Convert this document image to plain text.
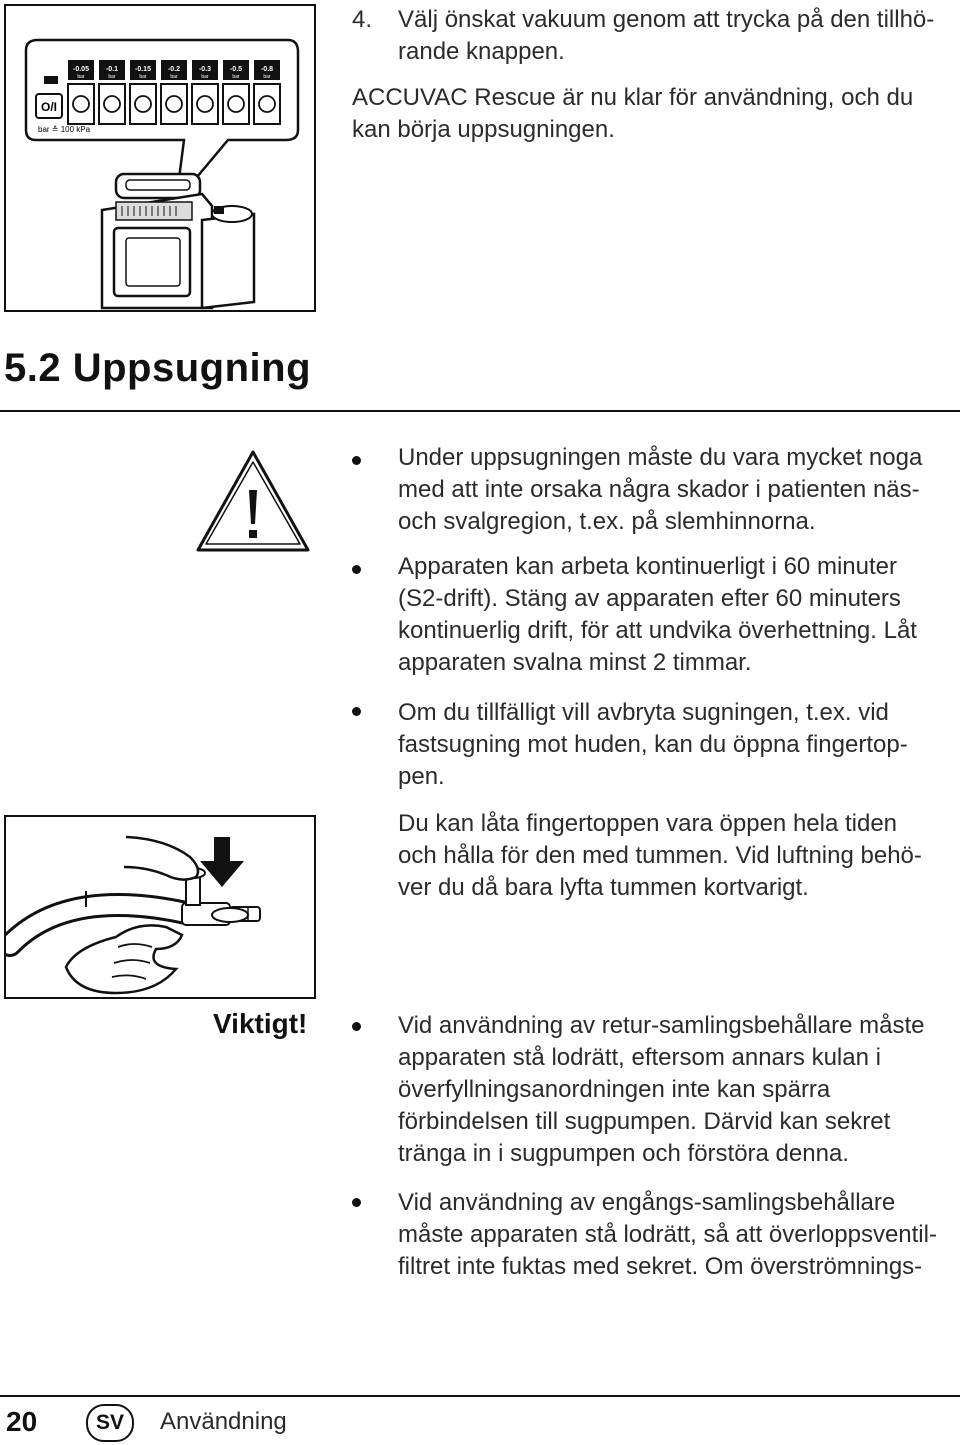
4. Välj önskat vakuum genom att trycka på den tillhö-
rande knappen.
ACCUVAC Rescue är nu klar för användning, och du
kan börja uppsugningen.
O/I
bar ≙ 100 kPa
-0.05
bar
-0.1
bar
-0.15
bar
-0.2
bar
-0.3
bar
-0.5
bar
-0.8
bar
5.2 Uppsugning
Under uppsugningen måste du vara mycket noga
med att inte orsaka några skador i patienten näs-
och svalgregion, t.ex. på slemhinnorna.
Apparaten kan arbeta kontinuerligt i 60 minuter
(S2-drift). Stäng av apparaten efter 60 minuters
kontinuerlig drift, för att undvika överhettning. Låt
apparaten svalna minst 2 timmar.
Om du tillfälligt vill avbryta sugningen, t.ex. vid
fastsugning mot huden, kan du öppna fingertop-
pen.
Du kan låta fingertoppen vara öppen hela tiden
och hålla för den med tummen. Vid luftning behö-
ver du då bara lyfta tummen kortvarigt.
Viktigt!	Vid användning av retur-samlingsbehållare måste
apparaten stå lodrätt, eftersom annars kulan i
överfyllningsanordningen inte kan spärra
förbindelsen till sugpumpen. Därvid kan sekret
tränga in i sugpumpen och förstöra denna.
Vid användning av engångs-samlingsbehållare
måste apparaten stå lodrätt, så att överloppsventil-
filtret inte fuktas med sekret. Om överströmnings-
20	SV	Användning
